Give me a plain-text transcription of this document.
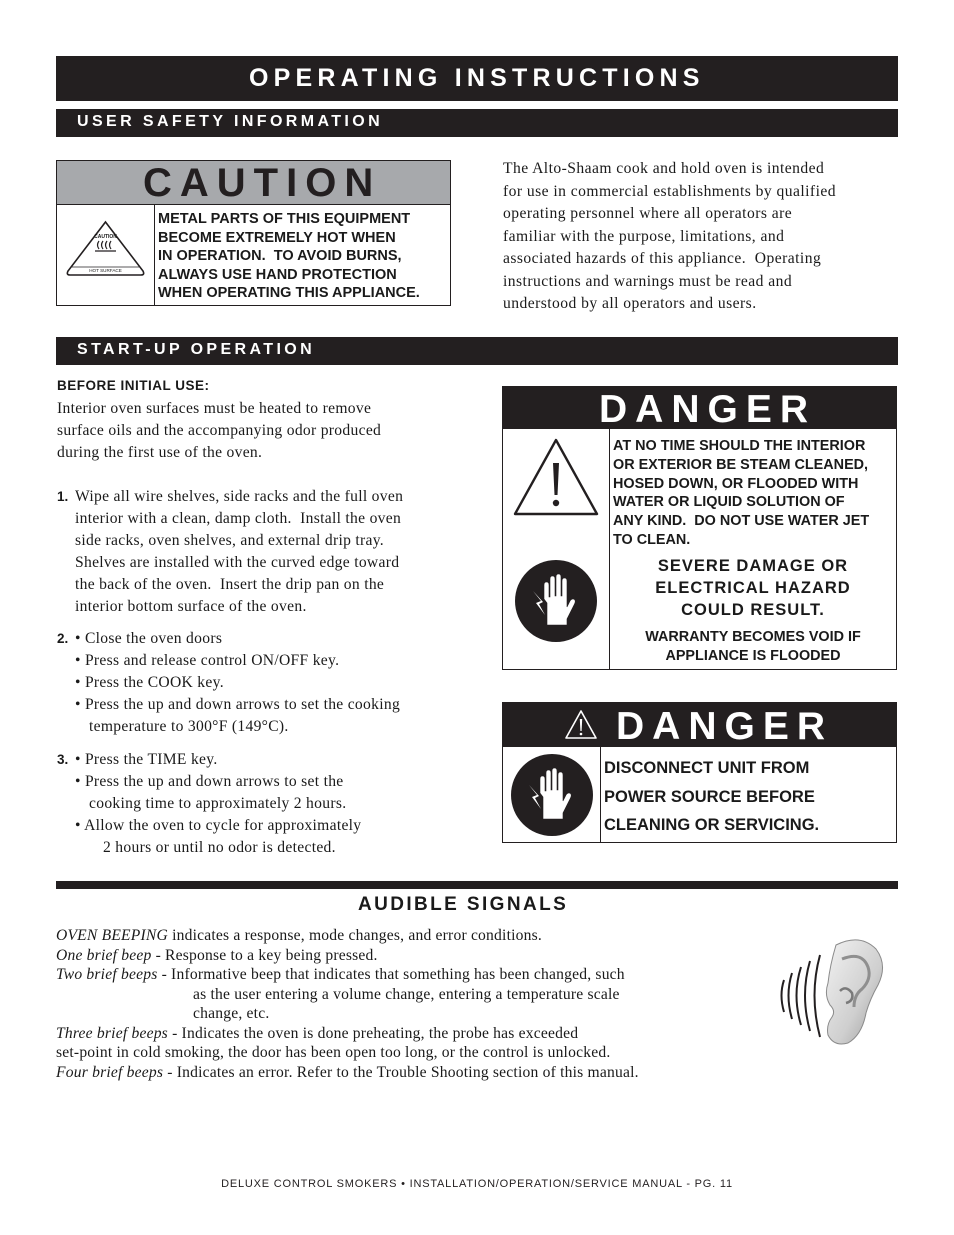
OPERATING INSTRUCTIONS
USER SAFETY INFORMATION
CAUTION
CAUTION
HOT SURFACE
METAL PARTS OF THIS EQUIPMENT
BECOME EXTREMELY HOT WHEN
IN OPERATION.  TO AVOID BURNS,
ALWAYS USE HAND PROTECTION
WHEN OPERATING THIS APPLIANCE.
The Alto-Shaam cook and hold oven is intended
for use in commercial establishments by qualified
operating personnel where all operators are
familiar with the purpose, limitations, and
associated hazards of this appliance.  Operating
instructions and warnings must be read and
understood by all operators and users.
START-UP OPERATION
BEFORE INITIAL USE:
Interior oven surfaces must be heated to remove
surface oils and the accompanying odor produced
during the first use of the oven.
1. Wipe all wire shelves, side racks and the full oven
interior with a clean, damp cloth.  Install the oven
side racks, oven shelves, and external drip tray.
Shelves are installed with the curved edge toward
the back of the oven.  Insert the drip pan on the
interior bottom surface of the oven.
2. • Close the oven doors
• Press and release control ON/OFF key.
• Press the COOK key.
• Press the up and down arrows to set the cooking
temperature to 300°F (149°C).
3. • Press the TIME key.
• Press the up and down arrows to set the
cooking time to approximately 2 hours.
• Allow the oven to cycle for approximately
2 hours or until no odor is detected.
DANGER
AT NO TIME SHOULD THE INTERIOR
OR EXTERIOR BE STEAM CLEANED,
HOSED DOWN, OR FLOODED WITH
WATER OR LIQUID SOLUTION OF
ANY KIND.  DO NOT USE WATER JET
TO CLEAN.
SEVERE DAMAGE OR
ELECTRICAL HAZARD
COULD RESULT.
WARRANTY BECOMES VOID IF
APPLIANCE IS FLOODED
DANGER
DISCONNECT UNIT FROM
POWER SOURCE BEFORE
CLEANING OR SERVICING.
AUDIBLE SIGNALS
OVEN BEEPING indicates a response, mode changes, and error conditions.
One brief beep - Response to a key being pressed.
Two brief beeps - Informative beep that indicates that something has been changed, such
as the user entering a volume change, entering a temperature scale
change, etc.
Three brief beeps - Indicates the oven is done preheating, the probe has exceeded
set-point in cold smoking, the door has been open too long, or the control is unlocked.
Four brief beeps - Indicates an error. Refer to the Trouble Shooting section of this manual.
DELUXE CONTROL SMOKERS • INSTALLATION/OPERATION/SERVICE MANUAL - PG. 11
